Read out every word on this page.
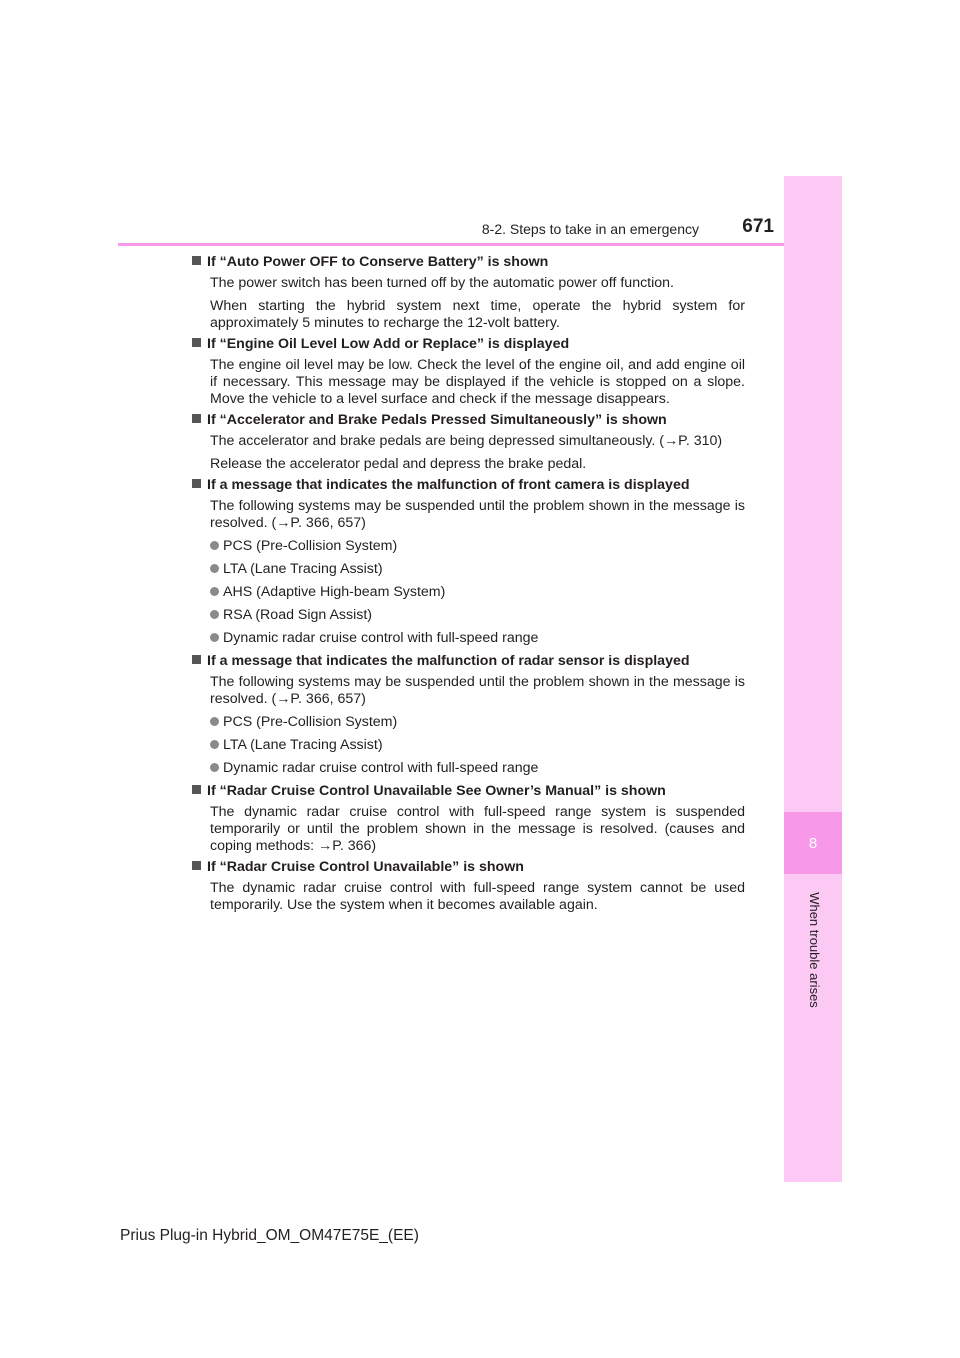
8
When trouble arises
8-2. Steps to take in an emergency	671
If “Auto Power OFF to Conserve Battery” is shown

The power switch has been turned off by the automatic power off function.

When starting the hybrid system next time, operate the hybrid system for approximately 5 minutes to recharge the 12-volt battery.

If “Engine Oil Level Low Add or Replace” is displayed

The engine oil level may be low. Check the level of the engine oil, and add engine oil if necessary. This message may be displayed if the vehicle is stopped on a slope. Move the vehicle to a level surface and check if the message disappears.

If “Accelerator and Brake Pedals Pressed Simultaneously” is shown

The accelerator and brake pedals are being depressed simultaneously. (→P. 310)

Release the accelerator pedal and depress the brake pedal.

If a message that indicates the malfunction of front camera is displayed

The following systems may be suspended until the problem shown in the message is resolved. (→P. 366, 657)

PCS (Pre-Collision System)
LTA (Lane Tracing Assist)
AHS (Adaptive High-beam System)
RSA (Road Sign Assist)
Dynamic radar cruise control with full-speed range
If a message that indicates the malfunction of radar sensor is displayed

The following systems may be suspended until the problem shown in the message is resolved. (→P. 366, 657)

PCS (Pre-Collision System)
LTA (Lane Tracing Assist)
Dynamic radar cruise control with full-speed range
If “Radar Cruise Control Unavailable See Owner’s Manual” is shown

The dynamic radar cruise control with full-speed range system is suspended temporarily or until the problem shown in the message is resolved. (causes and coping methods: →P. 366)

If “Radar Cruise Control Unavailable” is shown

The dynamic radar cruise control with full-speed range system cannot be used temporarily. Use the system when it becomes available again.

Prius Plug-in Hybrid_OM_OM47E75E_(EE)
